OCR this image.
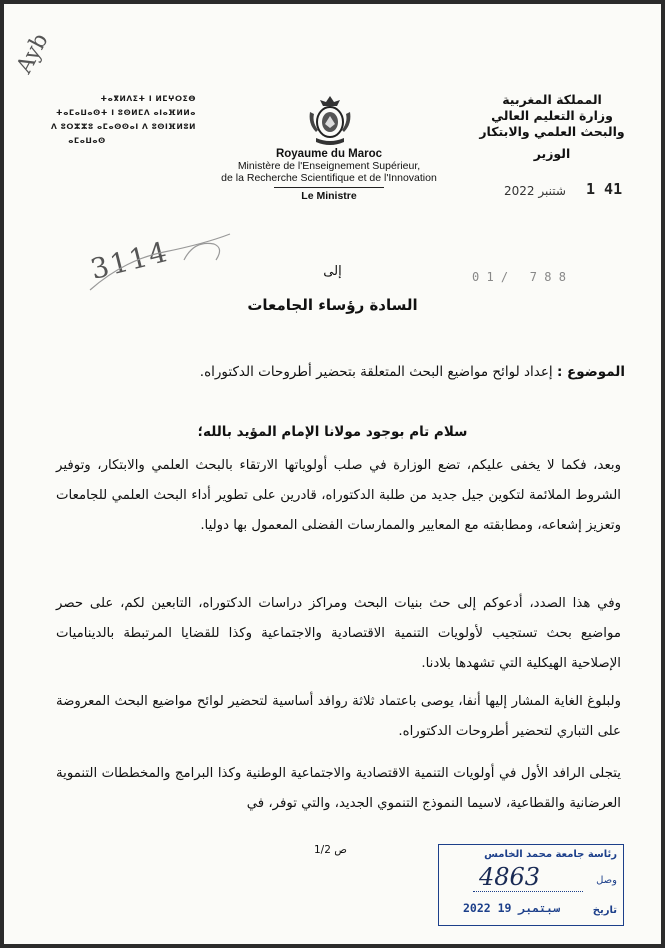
Ayb
ⵜⴰⴳⵍⴷⵉⵜ ⵏ ⵍⵎⵖⵔⵉⴱ
ⵜⴰⵎⴰⵡⴰⵙⵜ ⵏ ⵓⵙⵍⵎⴷ ⴰⵏⴰⴼⵍⵍⴰ
ⴷ ⵓⵔⵣⵣⵓ ⴰⵎⴰⵙⵙⴰⵏ ⴷ ⵓⵙⵏⴼⵍⵓⵍ
ⴰⵎⴰⵡⴰⵙ
Royaume du Maroc
Ministère de l'Enseignement Supérieur,
de la Recherche Scientifique et de l'Innovation
Le Ministre
المملكة المغربية
وزارة التعليم العالي
والبحث العلمي والابتكار
الوزير
2022 شتنبر 1 41
3114	0 1 /   7 8 8
إلى
السادة رؤساء الجامعات
الموضوع : إعداد لوائح مواضيع البحث المتعلقة بتحضير أطروحات الدكتوراه.
سلام تام بوجود مولانا الإمام المؤيد بالله؛
وبعد، فكما لا يخفى عليكم، تضع الوزارة في صلب أولوياتها الارتقاء بالبحث العلمي والابتكار، وتوفير الشروط الملائمة لتكوين جيل جديد من طلبة الدكتوراه، قادرين على تطوير أداء البحث العلمي للجامعات وتعزيز إشعاعه، ومطابقته مع المعايير والممارسات الفضلى المعمول بها دوليا.
وفي هذا الصدد، أدعوكم إلى حث بنيات البحث ومراكز دراسات الدكتوراه، التابعين لكم، على حصر مواضيع بحث تستجيب لأولويات التنمية الاقتصادية والاجتماعية وكذا للقضايا المرتبطة بالديناميات الإصلاحية الهيكلية التي تشهدها بلادنا.
ولبلوغ الغاية المشار إليها أنفا، يوصى باعتماد ثلاثة روافد أساسية لتحضير لوائح مواضيع البحث المعروضة على التباري لتحضير أطروحات الدكتوراه.
يتجلى الرافد الأول في أولويات التنمية الاقتصادية والاجتماعية الوطنية وكذا البرامج والمخططات التنموية العرضانية والقطاعية، لاسيما النموذج التنموي الجديد، والتي توفر، في
ص 1/2	رئاسة جامعة محمد الخامس
وصل
4863
تاريخ
2022 19 سبتمبر
